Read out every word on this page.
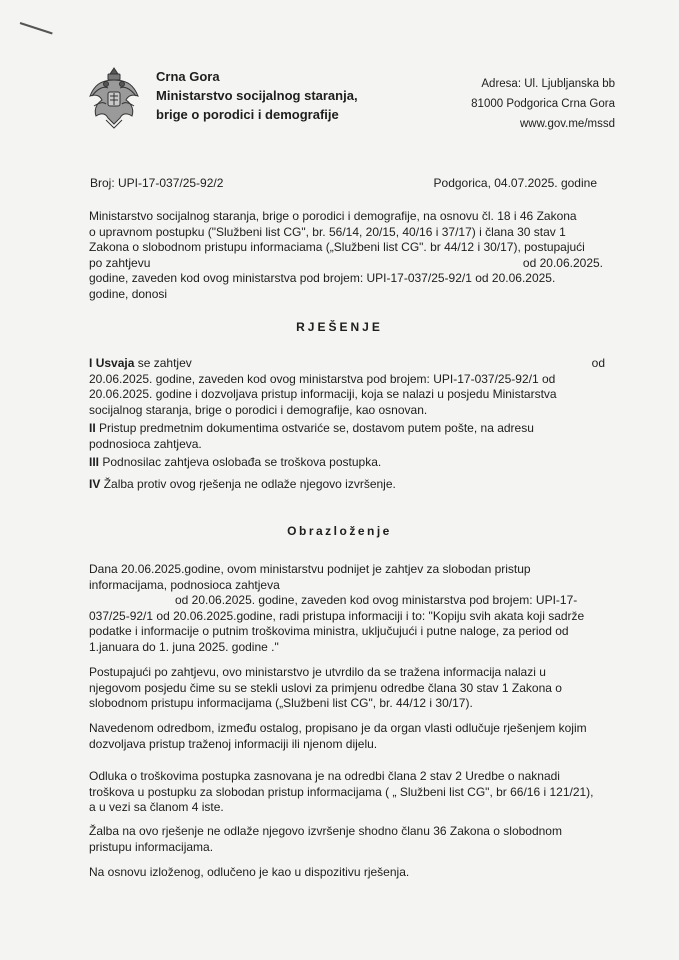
Crna Gora
Ministarstvo socijalnog staranja,
brige o porodici i demografije
Adresa: Ul. Ljubljanska bb
81000 Podgorica Crna Gora
www.gov.me/mssd
Broj: UPI-17-037/25-92/2	Podgorica, 04.07.2025. godine
Ministarstvo socijalnog staranja, brige o porodici i demografije, na osnovu čl. 18 i 46 Zakona
o upravnom postupku ("Službeni list CG", br. 56/14, 20/15, 40/16 i 37/17) i člana 30 stav 1
Zakona o slobodnom pristupu informaciama („Službeni list CG". br 44/12 i 30/17), postupajući
po zahtjevu	od 20.06.2025.
godine, zaveden kod ovog ministarstva pod brojem: UPI-17-037/25-92/1 od 20.06.2025.
godine, donosi
RJEŠENJE
I Usvaja se zahtjev	od
20.06.2025. godine, zaveden kod ovog ministarstva pod brojem: UPI-17-037/25-92/1 od
20.06.2025. godine i dozvoljava pristup informaciji, koja se nalazi u posjedu Ministarstva
socijalnog staranja, brige o porodici i demografije, kao osnovan.
II Pristup predmetnim dokumentima ostvariće se, dostavom putem pošte, na adresu
podnosioca zahtjeva.
III Podnosilac zahtjeva oslobađa se troškova postupka.
IV Žalba protiv ovog rješenja ne odlaže njegovo izvršenje.
Obrazloženje
Dana 20.06.2025.godine, ovom ministarstvu podnijet je zahtjev za slobodan pristup
informacijama, podnosioca zahtjeva
od 20.06.2025. godine, zaveden kod ovog ministarstva pod brojem: UPI-17-
037/25-92/1 od 20.06.2025.godine, radi pristupa informaciji i to: "Kopiju svih akata koji sadrže
podatke i informacije o putnim troškovima ministra, uključujući i putne naloge, za period od
1.januara do 1. juna 2025. godine ."
Postupajući po zahtjevu, ovo ministarstvo je utvrdilo da se tražena informacija nalazi u
njegovom posjedu čime su se stekli uslovi za primjenu odredbe člana 30 stav 1 Zakona o
slobodnom pristupu informacijama („Službeni list CG", br. 44/12 i 30/17).
Navedenom odredbom, između ostalog, propisano je da organ vlasti odlučuje rješenjem kojim
dozvoljava pristup traženoj informaciji ili njenom dijelu.
Odluka o troškovima postupka zasnovana je na odredbi člana 2 stav 2 Uredbe o naknadi
troškova u postupku za slobodan pristup informacijama ( „ Službeni list CG", br 66/16 i 121/21),
a u vezi sa članom 4 iste.
Žalba na ovo rješenje ne odlaže njegovo izvršenje shodno članu 36 Zakona o slobodnom
pristupu informacijama.
Na osnovu izloženog, odlučeno je kao u dispozitivu rješenja.
